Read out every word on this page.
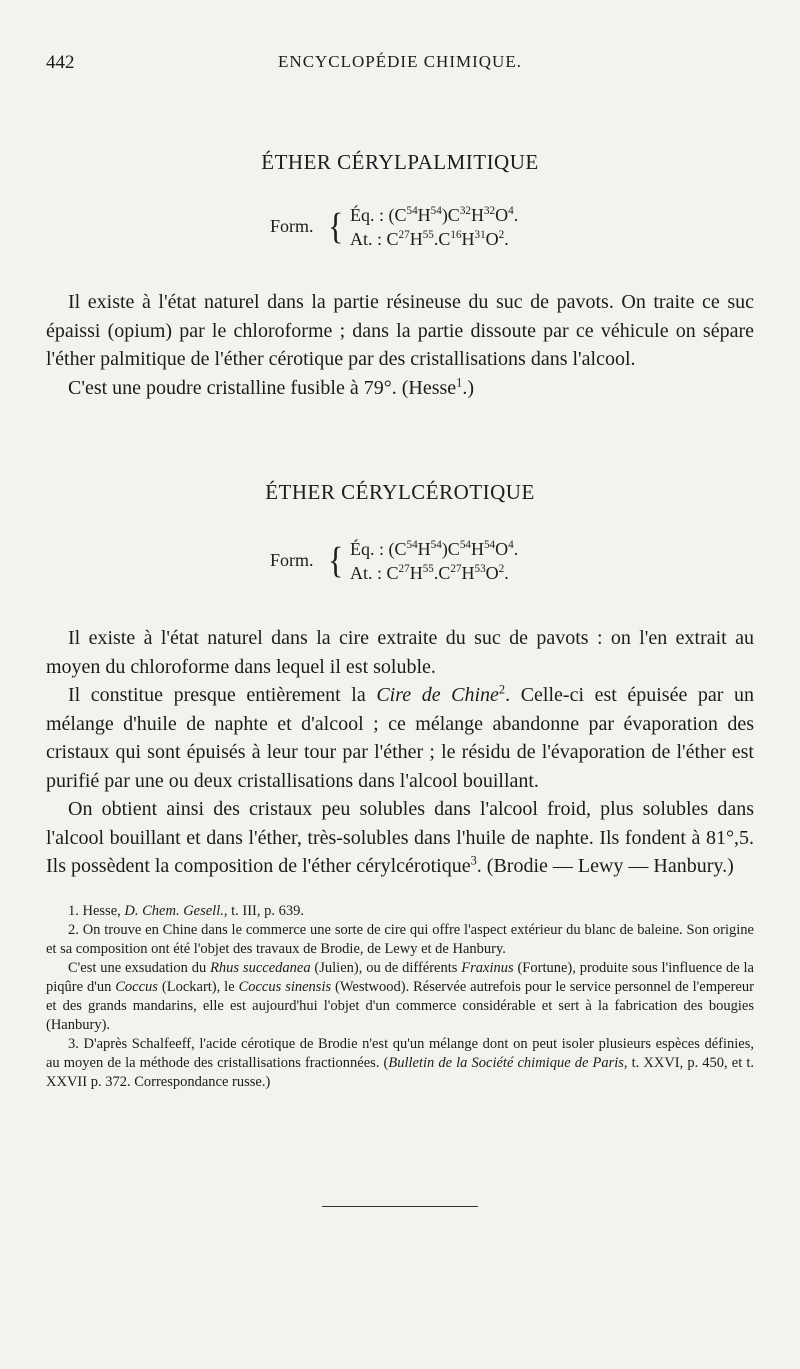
442	ENCYCLOPÉDIE CHIMIQUE.
ÉTHER CÉRYLPALMITIQUE
Form. { Éq. : $(C^{54}H^{54})C^{32}H^{32}O^4$.
At. : $C^{27}H^{55}.C^{16}H^{31}O^2$.

Il existe à l'état naturel dans la partie résineuse du suc de pavots. On traite ce suc épaissi (opium) par le chloroforme ; dans la partie dissoute par ce véhicule on sépare l'éther palmitique de l'éther cérotique par des cristallisations dans l'alcool.

C'est une poudre cristalline fusible à 79°. (Hesse$^1$.)

ÉTHER CÉRYLCÉROTIQUE
Form. { Éq. : $(C^{54}H^{54})C^{54}H^{54}O^4$.
At. : $C^{27}H^{55}.C^{27}H^{53}O^2$.

Il existe à l'état naturel dans la cire extraite du suc de pavots : on l'en extrait au moyen du chloroforme dans lequel il est soluble.

Il constitue presque entièrement la Cire de Chine$^2$. Celle-ci est épuisée par un mélange d'huile de naphte et d'alcool ; ce mélange abandonne par évaporation des cristaux qui sont épuisés à leur tour par l'éther ; le résidu de l'évaporation de l'éther est purifié par une ou deux cristallisations dans l'alcool bouillant.

On obtient ainsi des cristaux peu solubles dans l'alcool froid, plus solubles dans l'alcool bouillant et dans l'éther, très-solubles dans l'huile de naphte. Ils fondent à 81°,5. Ils possèdent la composition de l'éther cérylcérotique$^3$. (Brodie — Lewy — Hanbury.)

1. Hesse, D. Chem. Gesell., t. III, p. 639.

2. On trouve en Chine dans le commerce une sorte de cire qui offre l'aspect extérieur du blanc de baleine. Son origine et sa composition ont été l'objet des travaux de Brodie, de Lewy et de Hanbury.

C'est une exsudation du Rhus succedanea (Julien), ou de différents Fraxinus (Fortune), produite sous l'influence de la piqûre d'un Coccus (Lockart), le Coccus sinensis (Westwood). Réservée autrefois pour le service personnel de l'empereur et des grands mandarins, elle est aujourd'hui l'objet d'un commerce considérable et sert à la fabrication des bougies (Hanbury).

3. D'après Schalfeeff, l'acide cérotique de Brodie n'est qu'un mélange dont on peut isoler plusieurs espèces définies, au moyen de la méthode des cristallisations fractionnées. (Bulletin de la Société chimique de Paris, t. XXVI, p. 450, et t. XXVII p. 372. Correspondance russe.)
